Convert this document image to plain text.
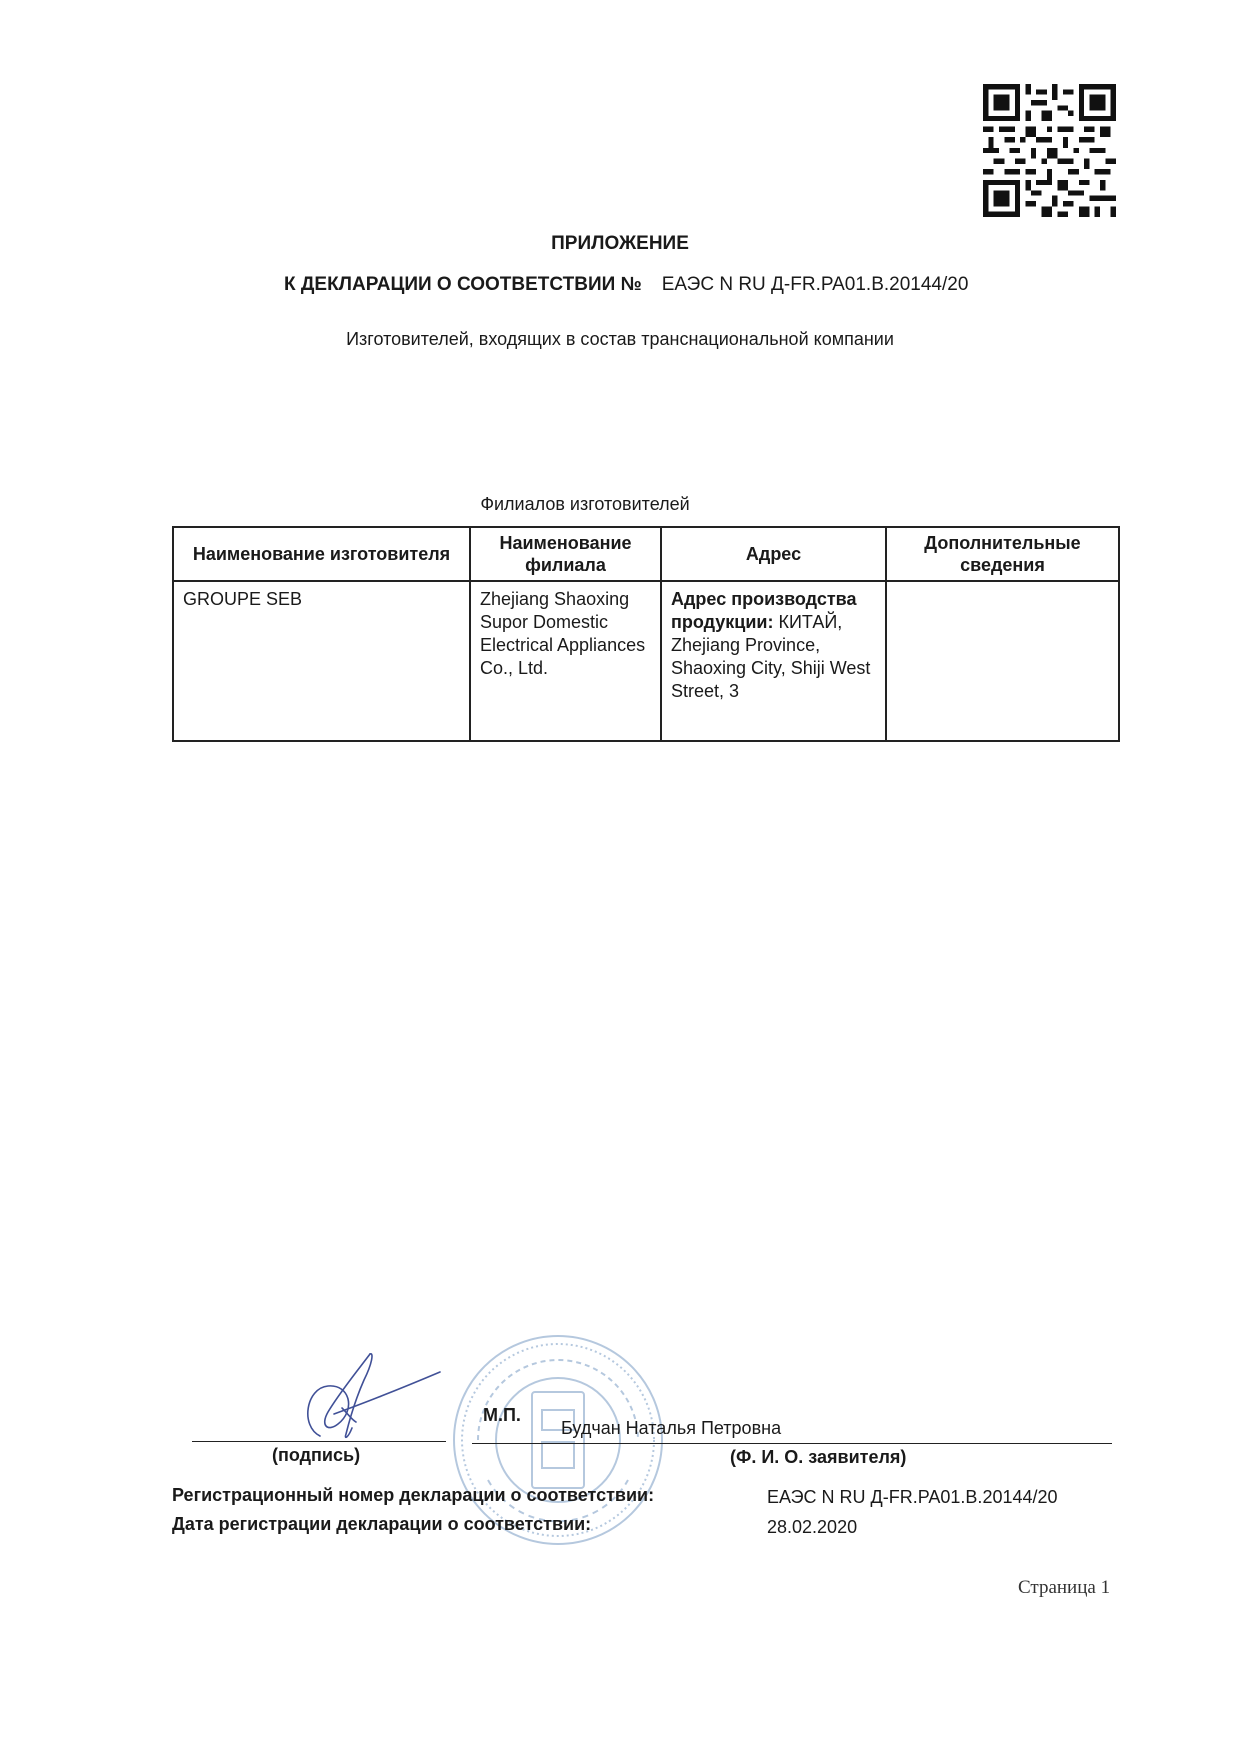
ПРИЛОЖЕНИЕ
К ДЕКЛАРАЦИИ О СООТВЕТСТВИИ № ЕАЭС N RU Д-FR.PA01.В.20144/20
Изготовителей, входящих в состав транснациональной компании
Филиалов изготовителей
Наименование изготовителя	Наименование филиала	Адрес	Дополнительные сведения
GROUPE SEB	Zhejiang Shaoxing Supor Domestic Electrical Appliances Co., Ltd.	Адрес производства продукции: КИТАЙ, Zhejiang Province, Shaoxing City, Shiji West Street, 3	
М.П.
Будчан Наталья Петровна
(подпись)	(Ф. И. О. заявителя)
Регистрационный номер декларации о соответствии:	ЕАЭС N RU Д-FR.PA01.В.20144/20
Дата регистрации декларации о соответствии:	28.02.2020
Страница 1
